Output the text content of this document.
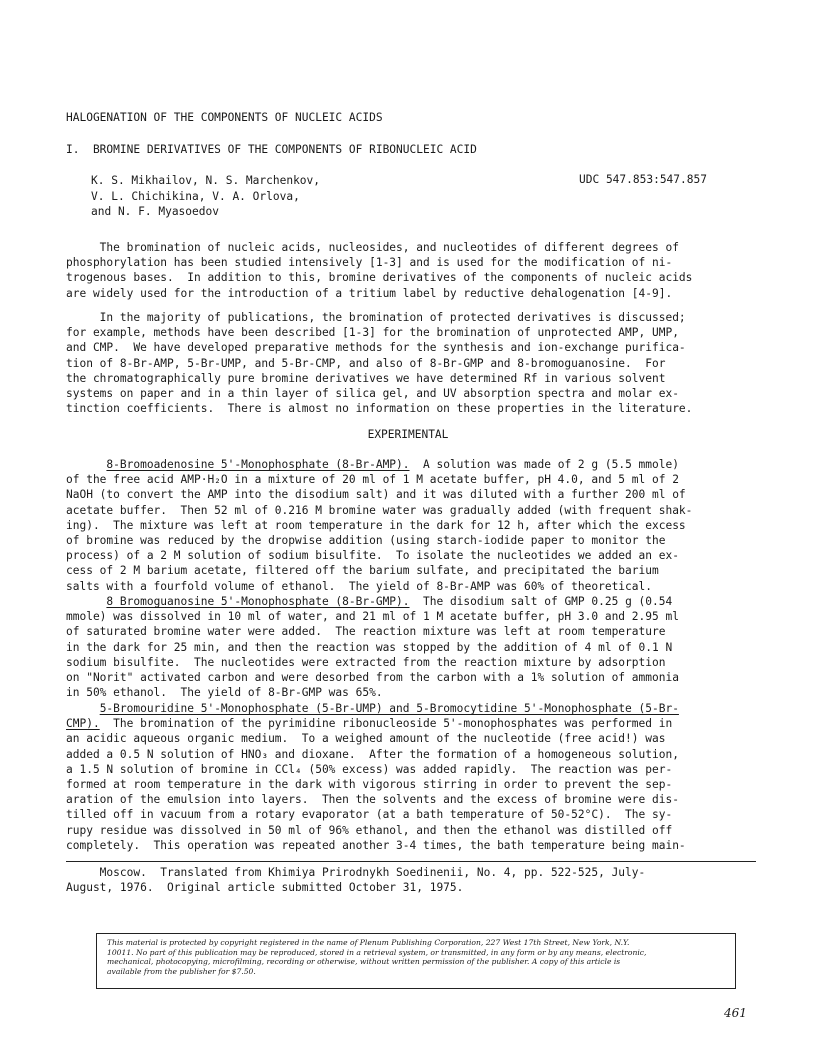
HALOGENATION OF THE COMPONENTS OF NUCLEIC ACIDS
I.  BROMINE DERIVATIVES OF THE COMPONENTS OF RIBONUCLEIC ACID
K. S. Mikhailov, N. S. Marchenkov,
V. L. Chichikina, V. A. Orlova,
and N. F. Myasoedov
UDC 547.853:547.857
The bromination of nucleic acids, nucleosides, and nucleotides of different degrees of
phosphorylation has been studied intensively [1-3] and is used for the modification of ni-
trogenous bases.  In addition to this, bromine derivatives of the components of nucleic acids
are widely used for the introduction of a tritium label by reductive dehalogenation [4-9].
In the majority of publications, the bromination of protected derivatives is discussed;
for example, methods have been described [1-3] for the bromination of unprotected AMP, UMP,
and CMP.  We have developed preparative methods for the synthesis and ion-exchange purifica-
tion of 8-Br-AMP, 5-Br-UMP, and 5-Br-CMP, and also of 8-Br-GMP and 8-bromoguanosine.  For
the chromatographically pure bromine derivatives we have determined Rf in various solvent
systems on paper and in a thin layer of silica gel, and UV absorption spectra and molar ex-
tinction coefficients.  There is almost no information on these properties in the literature.
EXPERIMENTAL
8-Bromoadenosine 5'-Monophosphate (8-Br-AMP).  A solution was made of 2 g (5.5 mmole)
of the free acid AMP·H₂O in a mixture of 20 ml of 1 M acetate buffer, pH 4.0, and 5 ml of 2
NaOH (to convert the AMP into the disodium salt) and it was diluted with a further 200 ml of
acetate buffer.  Then 52 ml of 0.216 M bromine water was gradually added (with frequent shak-
ing).  The mixture was left at room temperature in the dark for 12 h, after which the excess
of bromine was reduced by the dropwise addition (using starch-iodide paper to monitor the
process) of a 2 M solution of sodium bisulfite.  To isolate the nucleotides we added an ex-
cess of 2 M barium acetate, filtered off the barium sulfate, and precipitated the barium
salts with a fourfold volume of ethanol.  The yield of 8-Br-AMP was 60% of theoretical.
8 Bromoguanosine 5'-Monophosphate (8-Br-GMP).  The disodium salt of GMP 0.25 g (0.54
mmole) was dissolved in 10 ml of water, and 21 ml of 1 M acetate buffer, pH 3.0 and 2.95 ml
of saturated bromine water were added.  The reaction mixture was left at room temperature
in the dark for 25 min, and then the reaction was stopped by the addition of 4 ml of 0.1 N
sodium bisulfite.  The nucleotides were extracted from the reaction mixture by adsorption
on "Norit" activated carbon and were desorbed from the carbon with a 1% solution of ammonia
in 50% ethanol.  The yield of 8-Br-GMP was 65%.
5-Bromouridine 5'-Monophosphate (5-Br-UMP) and 5-Bromocytidine 5'-Monophosphate (5-Br-
CMP).  The bromination of the pyrimidine ribonucleoside 5'-monophosphates was performed in
an acidic aqueous organic medium.  To a weighed amount of the nucleotide (free acid!) was
added a 0.5 N solution of HNO₃ and dioxane.  After the formation of a homogeneous solution,
a 1.5 N solution of bromine in CCl₄ (50% excess) was added rapidly.  The reaction was per-
formed at room temperature in the dark with vigorous stirring in order to prevent the sep-
aration of the emulsion into layers.  Then the solvents and the excess of bromine were dis-
tilled off in vacuum from a rotary evaporator (at a bath temperature of 50-52°C).  The sy-
rupy residue was dissolved in 50 ml of 96% ethanol, and then the ethanol was distilled off
completely.  This operation was repeated another 3-4 times, the bath temperature being main-
Moscow.  Translated from Khimiya Prirodnykh Soedinenii, No. 4, pp. 522-525, July-
August, 1976.  Original article submitted October 31, 1975.
This material is protected by copyright registered in the name of Plenum Publishing Corporation, 227 West 17th Street, New York, N.Y.
10011. No part of this publication may be reproduced, stored in a retrieval system, or transmitted, in any form or by any means, electronic,
mechanical, photocopying, microfilming, recording or otherwise, without written permission of the publisher. A copy of this article is
available from the publisher for $7.50.
461
